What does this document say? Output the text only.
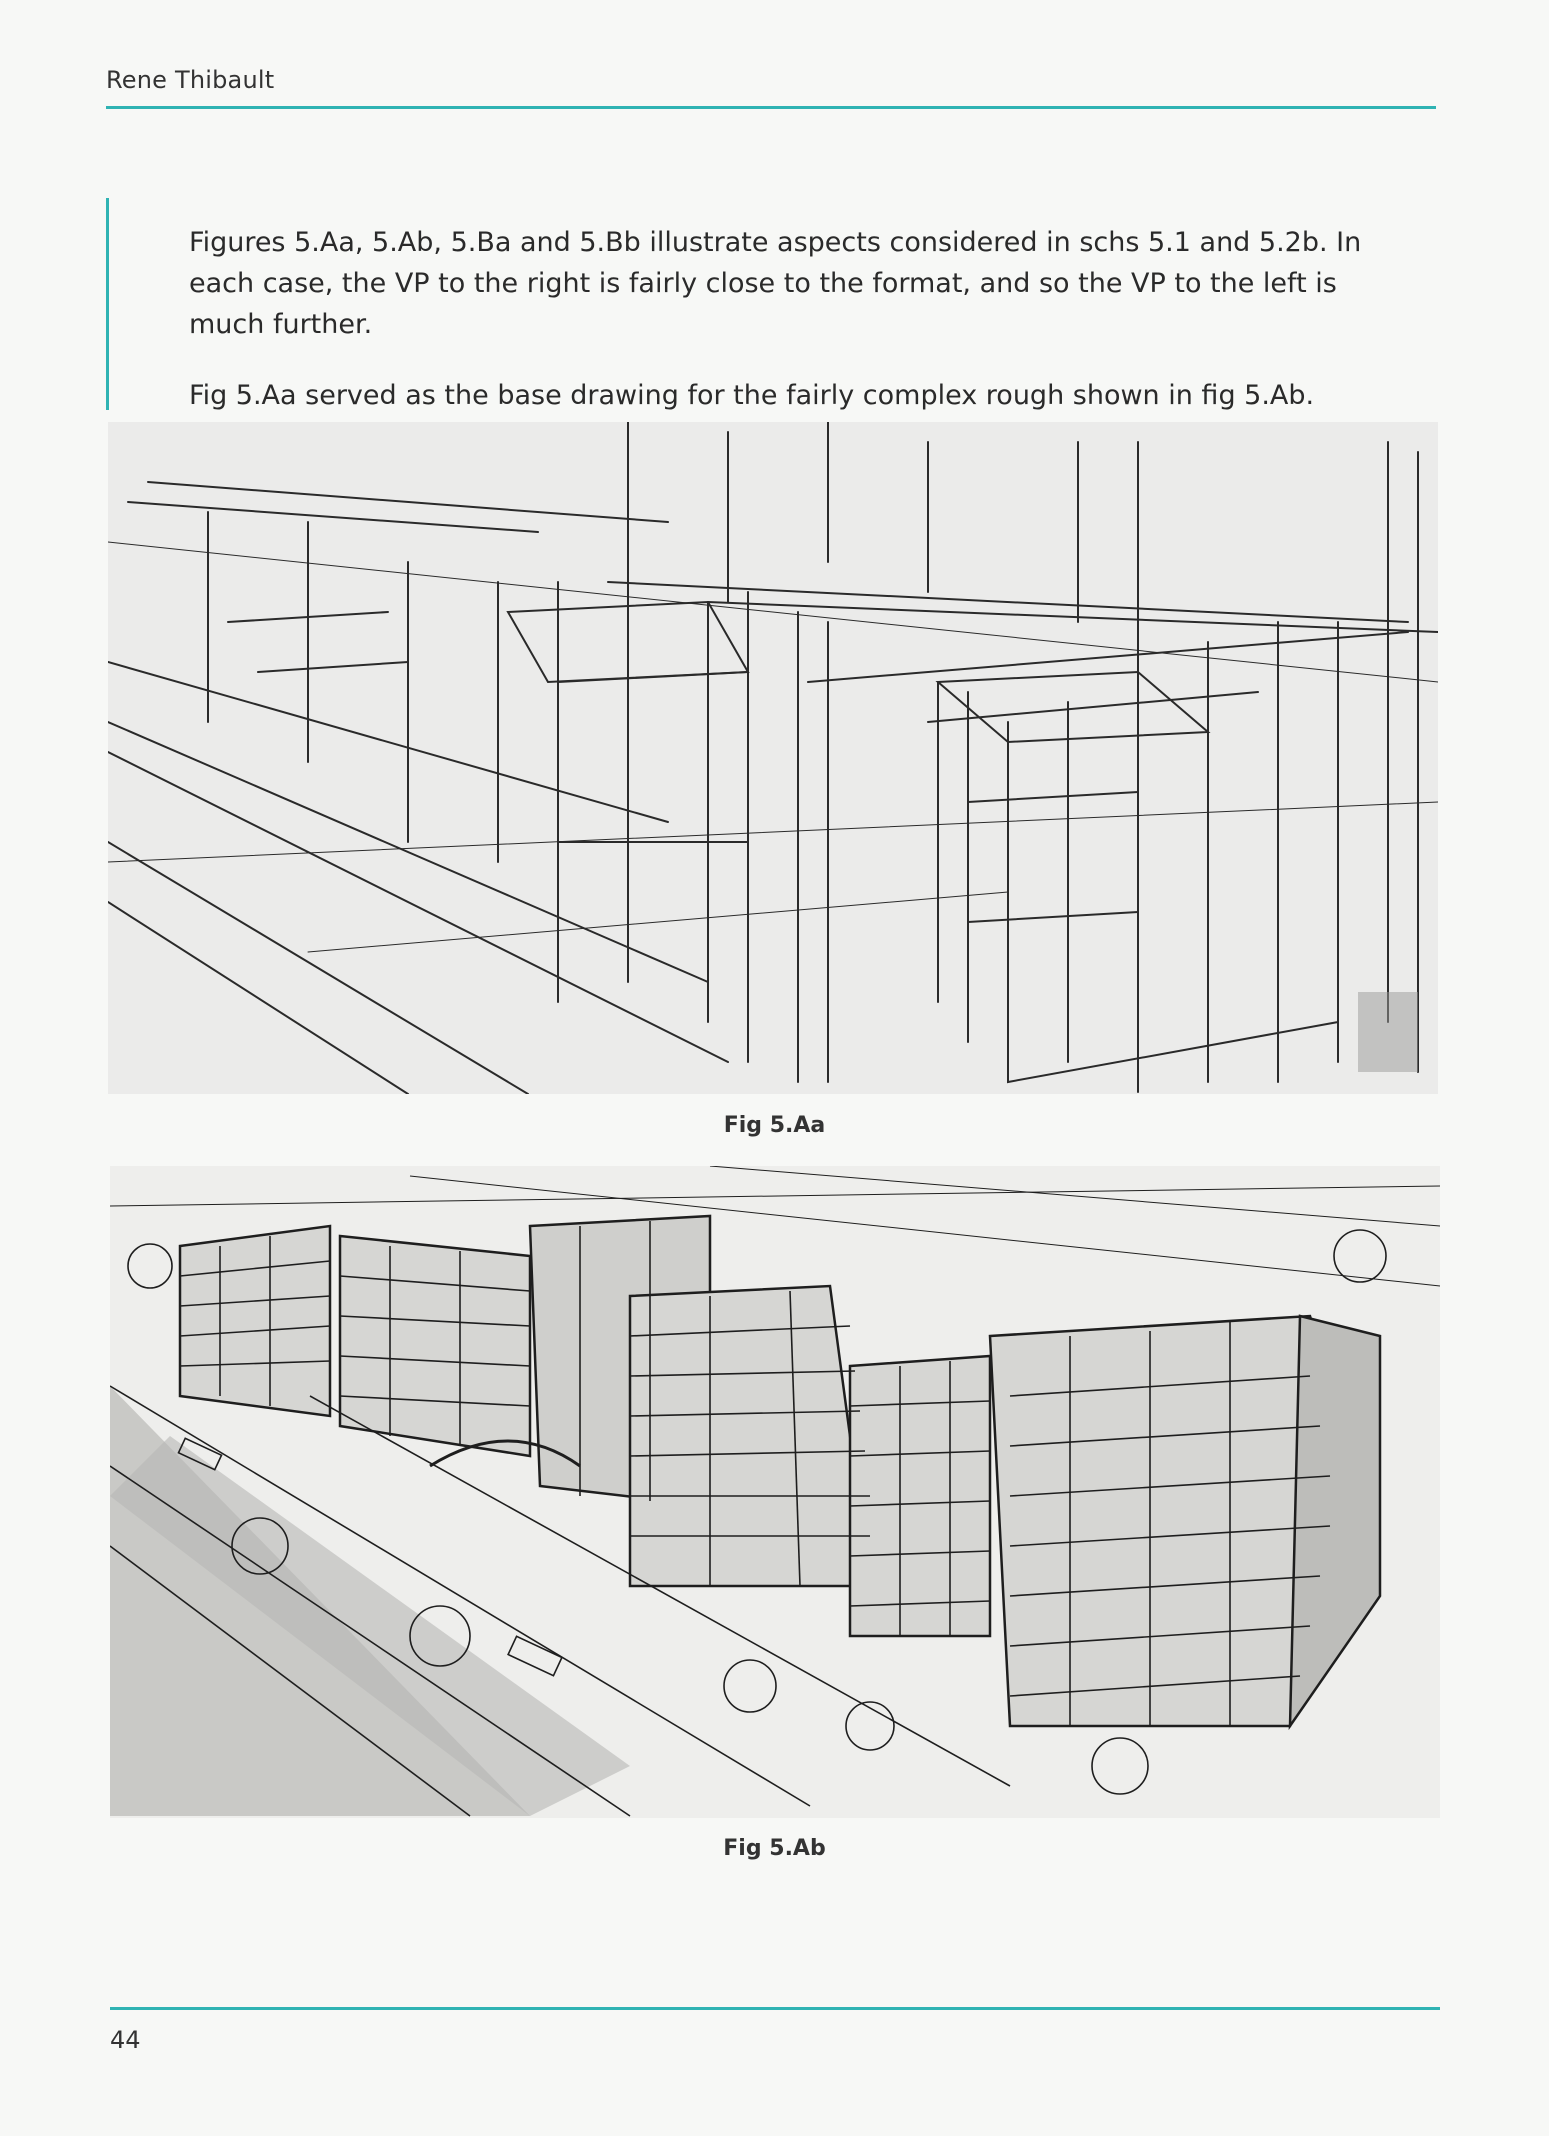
Rene Thibault

Figures 5.Aa, 5.Ab, 5.Ba and 5.Bb illustrate aspects considered in schs 5.1 and 5.2b. In each case, the VP to the right is fairly close to the format, and so the VP to the left is much further.

Fig 5.Aa served as the base drawing for the fairly complex rough shown in fig 5.Ab.

Fig 5.Aa
Fig 5.Ab
44
